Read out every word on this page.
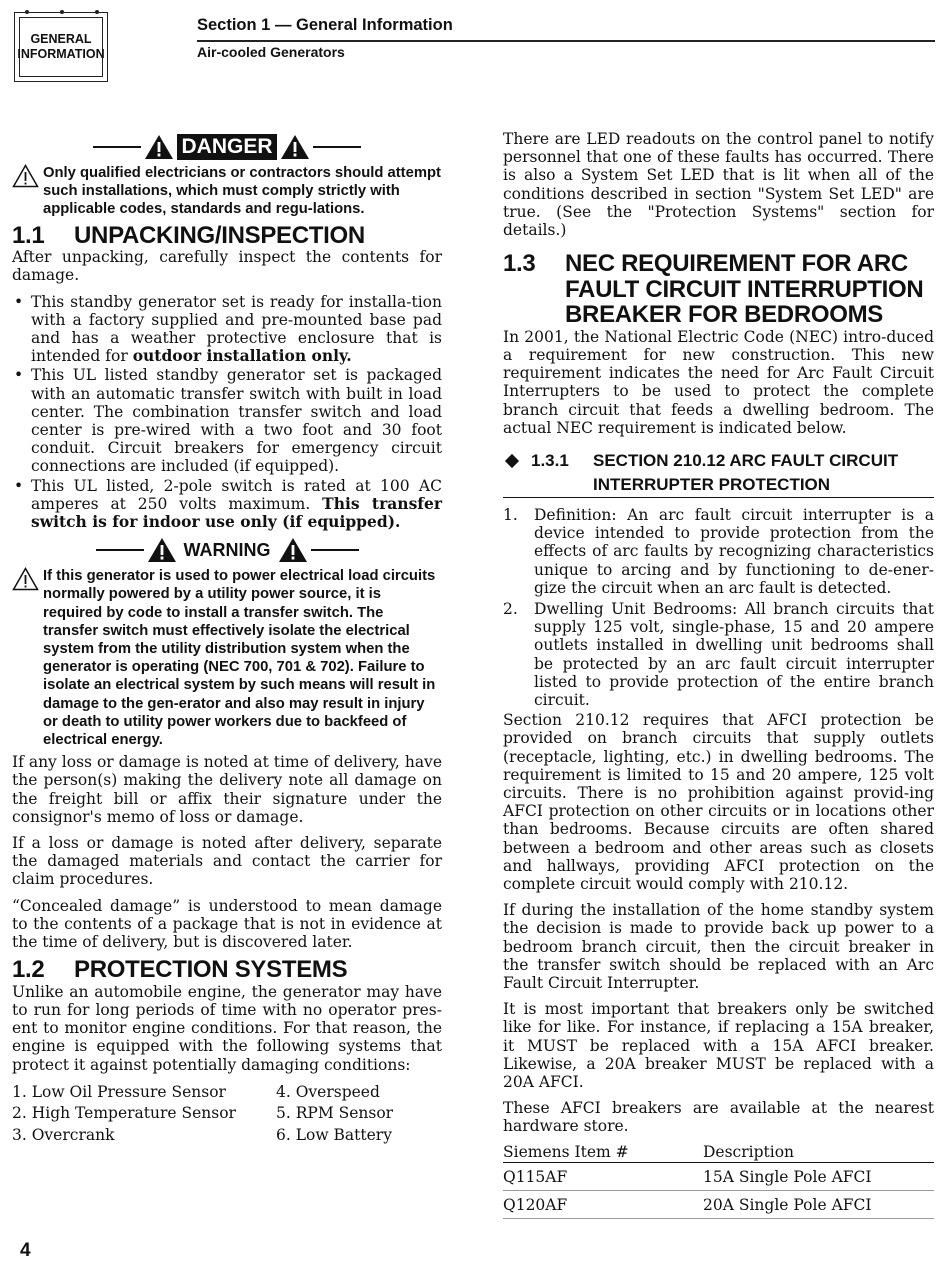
GENERAL
INFORMATION
Section 1 — General Information
Air-cooled Generators
DANGER
Only qualified electricians or contractors should attempt such installations, which must comply strictly with applicable codes, standards and regu-lations.
1.1	UNPACKING/INSPECTION

After unpacking, carefully inspect the contents for damage.

• This standby generator set is ready for installa-tion with a factory supplied and pre-mounted base pad and has a weather protective enclosure that is intended for outdoor installation only.
• This UL listed standby generator set is packaged with an automatic transfer switch with built in load center. The combination transfer switch and load center is pre-wired with a two foot and 30 foot conduit. Circuit breakers for emergency circuit connections are included (if equipped).
• This UL listed, 2-pole switch is rated at 100 AC amperes at 250 volts maximum. This transfer switch is for indoor use only (if equipped).
WARNING
If this generator is used to power electrical load circuits normally powered by a utility power source, it is required by code to install a transfer switch. The transfer switch must effectively isolate the electrical system from the utility distribution system when the generator is operating (NEC 700, 701 & 702). Failure to isolate an electrical system by such means will result in damage to the gen-erator and also may result in injury or death to utility power workers due to backfeed of electrical energy.

If any loss or damage is noted at time of delivery, have the person(s) making the delivery note all damage on the freight bill or affix their signature under the consignor's memo of loss or damage.

If a loss or damage is noted after delivery, separate the damaged materials and contact the carrier for claim procedures.

“Concealed damage” is understood to mean damage to the contents of a package that is not in evidence at the time of delivery, but is discovered later.

1.2	PROTECTION SYSTEMS

Unlike an automobile engine, the generator may have to run for long periods of time with no operator pres-ent to monitor engine conditions. For that reason, the engine is equipped with the following systems that protect it against potentially damaging conditions:

1. Low Oil Pressure Sensor	4. Overspeed
2. High Temperature Sensor	5. RPM Sensor
3. Overcrank	6. Low Battery

There are LED readouts on the control panel to notify personnel that one of these faults has occurred. There is also a System Set LED that is lit when all of the conditions described in section "System Set LED" are true. (See the "Protection Systems" section for details.)

1.3	NEC REQUIREMENT FOR ARC FAULT CIRCUIT INTERRUPTION BREAKER FOR BEDROOMS

In 2001, the National Electric Code (NEC) intro-duced a requirement for new construction. This new requirement indicates the need for Arc Fault Circuit Interrupters to be used to protect the complete branch circuit that feeds a dwelling bedroom. The actual NEC requirement is indicated below.

1.3.1	SECTION 210.12 ARC FAULT CIRCUIT INTERRUPTER PROTECTION
1. Definition: An arc fault circuit interrupter is a device intended to provide protection from the effects of arc faults by recognizing characteristics unique to arcing and by functioning to de-ener-gize the circuit when an arc fault is detected.
2. Dwelling Unit Bedrooms: All branch circuits that supply 125 volt, single-phase, 15 and 20 ampere outlets installed in dwelling unit bedrooms shall be protected by an arc fault circuit interrupter listed to provide protection of the entire branch circuit.

Section 210.12 requires that AFCI protection be provided on branch circuits that supply outlets (receptacle, lighting, etc.) in dwelling bedrooms. The requirement is limited to 15 and 20 ampere, 125 volt circuits. There is no prohibition against provid-ing AFCI protection on other circuits or in locations other than bedrooms. Because circuits are often shared between a bedroom and other areas such as closets and hallways, providing AFCI protection on the complete circuit would comply with 210.12.

If during the installation of the home standby system the decision is made to provide back up power to a bedroom branch circuit, then the circuit breaker in the transfer switch should be replaced with an Arc Fault Circuit Interrupter.

It is most important that breakers only be switched like for like. For instance, if replacing a 15A breaker, it MUST be replaced with a 15A AFCI breaker. Likewise, a 20A breaker MUST be replaced with a 20A AFCI.

These AFCI breakers are available at the nearest hardware store.

Siemens Item #	Description
Q115AF	15A Single Pole AFCI
Q120AF	20A Single Pole AFCI
4
